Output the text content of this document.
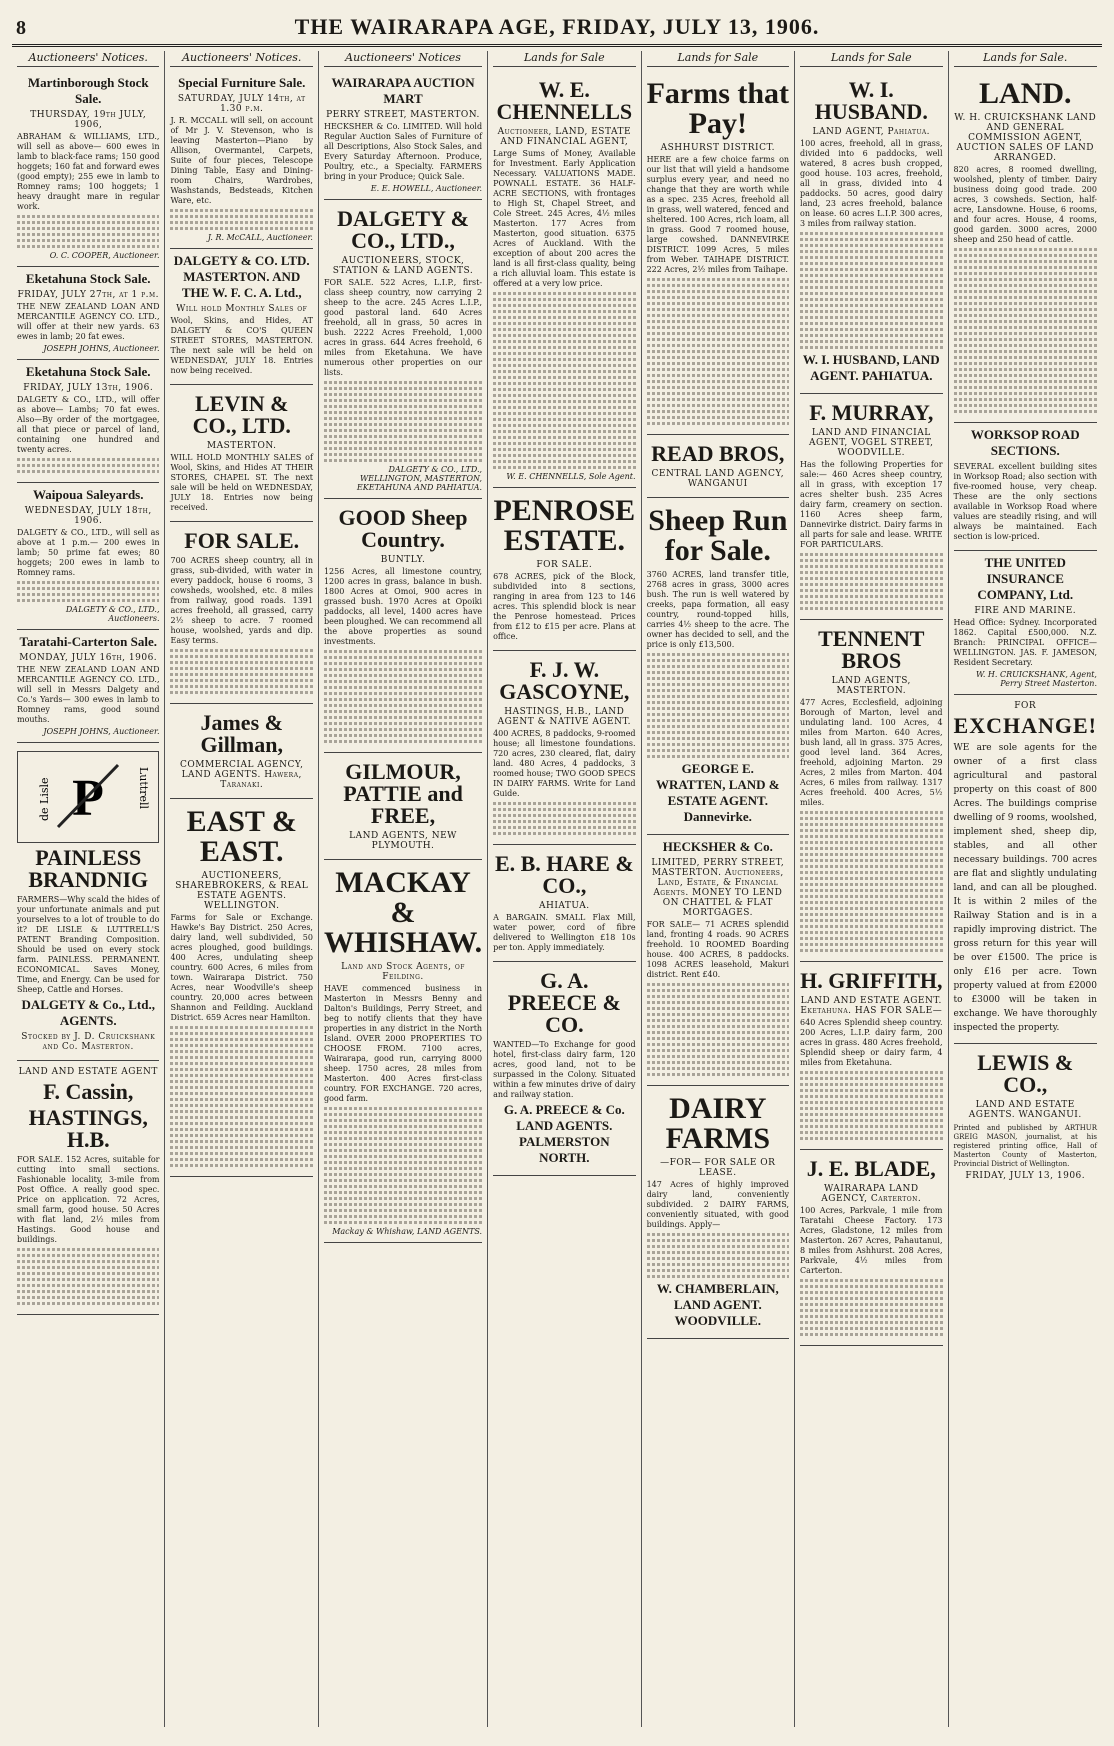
8	THE WAIRARAPA AGE, FRIDAY, JULY 13, 1906.
Auctioneers' Notices.
Martinborough Stock Sale.
THURSDAY, 19th JULY, 1906,

ABRAHAM & WILLIAMS, LTD., will sell as above— 600 ewes in lamb to black-face rams; 150 good hoggets; 160 fat and forward ewes (good empty); 255 ewe in lamb to Romney rams; 100 hoggets; 1 heavy draught mare in regular work.

O. C. COOPER, Auctioneer.
Eketahuna Stock Sale.
FRIDAY, JULY 27th, at 1 p.m.

THE NEW ZEALAND LOAN AND MERCANTILE AGENCY CO. LTD., will offer at their new yards. 63 ewes in lamb; 20 fat ewes.

JOSEPH JOHNS, Auctioneer.
Eketahuna Stock Sale.
FRIDAY, JULY 13th, 1906.

DALGETY & CO., LTD., will offer as above— Lambs; 70 fat ewes. Also—By order of the mortgagee, all that piece or parcel of land, containing one hundred and twenty acres.

Waipoua Saleyards.
WEDNESDAY, JULY 18th, 1906.

DALGETY & CO., LTD., will sell as above at 1 p.m.— 200 ewes in lamb; 50 prime fat ewes; 80 hoggets; 200 ewes in lamb to Romney rams.

DALGETY & CO., LTD., Auctioneers.
Taratahi-Carterton Sale.
MONDAY, JULY 16th, 1906.

THE NEW ZEALAND LOAN AND MERCANTILE AGENCY CO. LTD., will sell in Messrs Dalgety and Co.'s Yards— 300 ewes in lamb to Romney rams, good sound mouths.

JOSEPH JOHNS, Auctioneer.
de Lisle P	Luttrell
PAINLESS BRANDNIG

FARMERS—Why scald the hides of your unfortunate animals and put yourselves to a lot of trouble to do it? DE LISLE & LUTTRELL'S PATENT Branding Composition. Should be used on every stock farm. PAINLESS. PERMANENT. ECONOMICAL. Saves Money, Time, and Energy. Can be used for Sheep, Cattle and Horses.

DALGETY & Co., Ltd., AGENTS.
Stocked by J. D. Cruickshank and Co. Masterton.
LAND AND ESTATE AGENT
F. Cassin,
HASTINGS, H.B.

FOR SALE. 152 Acres, suitable for cutting into small sections. Fashionable locality, 3-mile from Post Office. A really good spec. Price on application. 72 Acres, small farm, good house. 50 Acres with flat land, 2½ miles from Hastings. Good house and buildings.

Auctioneers' Notices.
Special Furniture Sale.
SATURDAY, JULY 14th, at 1.30 p.m.

J. R. MCCALL will sell, on account of Mr J. V. Stevenson, who is leaving Masterton—Piano by Allison, Overmantel, Carpets, Suite of four pieces, Telescope Dining Table, Easy and Dining-room Chairs, Wardrobes, Washstands, Bedsteads, Kitchen Ware, etc.

J. R. McCALL, Auctioneer.
DALGETY & CO. LTD. MASTERTON. AND THE W. F. C. A. Ltd.,
Will hold Monthly Sales of

Wool, Skins, and Hides, AT DALGETY & CO'S QUEEN STREET STORES, MASTERTON. The next sale will be held on WEDNESDAY, JULY 18. Entries now being received.

LEVIN & CO., LTD.
MASTERTON.

WILL HOLD MONTHLY SALES of Wool, Skins, and Hides AT THEIR STORES, CHAPEL ST. The next sale will be held on WEDNESDAY, JULY 18. Entries now being received.

FOR SALE.

700 ACRES sheep country, all in grass, sub-divided, with water in every paddock, house 6 rooms, 3 cowsheds, woolshed, etc. 8 miles from railway, good roads. 1391 acres freehold, all grassed, carry 2½ sheep to acre. 7 roomed house, woolshed, yards and dip. Easy terms.

James & Gillman,
COMMERCIAL AGENCY, LAND AGENTS. Hawera, Taranaki.
EAST & EAST.
AUCTIONEERS, SHAREBROKERS, & REAL ESTATE AGENTS. WELLINGTON.

Farms for Sale or Exchange. Hawke's Bay District. 250 Acres, dairy land, well subdivided, 50 acres ploughed, good buildings. 400 Acres, undulating sheep country. 600 Acres, 6 miles from town. Wairarapa District. 750 Acres, near Woodville's sheep country. 20,000 acres between Shannon and Feilding. Auckland District. 659 Acres near Hamilton.

Auctioneers' Notices
WAIRARAPA AUCTION MART
PERRY STREET, MASTERTON.

HECKSHER & Co. LIMITED. Will hold Regular Auction Sales of Furniture of all Descriptions, Also Stock Sales, and Every Saturday Afternoon. Produce, Poultry, etc., a Specialty. FARMERS bring in your Produce; Quick Sale.

E. E. HOWELL, Auctioneer.
DALGETY & CO., LTD.,
AUCTIONEERS, STOCK, STATION & LAND AGENTS.

FOR SALE. 522 Acres, L.I.P., first-class sheep country, now carrying 2 sheep to the acre. 245 Acres L.I.P., good pastoral land. 640 Acres freehold, all in grass, 50 acres in bush. 2222 Acres Freehold, 1,000 acres in grass. 644 Acres freehold, 6 miles from Eketahuna. We have numerous other properties on our lists.

DALGETY & CO., LTD., WELLINGTON, MASTERTON, EKETAHUNA AND PAHIATUA.
GOOD Sheep Country.
BUNTLY.

1256 Acres, all limestone country, 1200 acres in grass, balance in bush. 1800 Acres at Omoi, 900 acres in grassed bush. 1970 Acres at Opoiki paddocks, all level, 1400 acres have been ploughed. We can recommend all the above properties as sound investments.

GILMOUR, PATTIE and FREE,
LAND AGENTS, NEW PLYMOUTH.
MACKAY & WHISHAW.
Land and Stock Agents, of Feilding.

HAVE commenced business in Masterton in Messrs Benny and Dalton's Buildings, Perry Street, and beg to notify clients that they have properties in any district in the North Island. OVER 2000 PROPERTIES TO CHOOSE FROM. 7100 acres, Wairarapa, good run, carrying 8000 sheep. 1750 acres, 28 miles from Masterton. 400 Acres first-class country. FOR EXCHANGE. 720 acres, good farm.

Mackay & Whishaw, LAND AGENTS.
Lands for Sale
W. E. CHENNELLS
Auctioneer, LAND, ESTATE AND FINANCIAL AGENT,

Large Sums of Money, Available for Investment. Early Application Necessary. VALUATIONS MADE. POWNALL ESTATE. 36 HALF-ACRE SECTIONS, with frontages to High St, Chapel Street, and Cole Street. 245 Acres, 4½ miles Masterton. 177 Acres from Masterton, good situation. 6375 Acres of Auckland. With the exception of about 200 acres the land is all first-class quality, being a rich alluvial loam. This estate is offered at a very low price.

W. E. CHENNELLS, Sole Agent.
PENROSE ESTATE.
FOR SALE.

678 ACRES, pick of the Block, subdivided into 8 sections, ranging in area from 123 to 146 acres. This splendid block is near the Penrose homestead. Prices from £12 to £15 per acre. Plans at office.

F. J. W. GASCOYNE,
HASTINGS, H.B., LAND AGENT & NATIVE AGENT.

400 ACRES, 8 paddocks, 9-roomed house; all limestone foundations. 720 acres, 230 cleared, flat, dairy land. 480 Acres, 4 paddocks, 3 roomed house; TWO GOOD SPECS IN DAIRY FARMS. Write for Land Guide.

E. B. HARE & CO.,
AHIATUA.

A BARGAIN. SMALL Flax Mill, water power, cord of fibre delivered to Wellington £18 10s per ton. Apply immediately.

G. A. PREECE & CO.

WANTED—To Exchange for good hotel, first-class dairy farm, 120 acres, good land, not to be surpassed in the Colony. Situated within a few minutes drive of dairy and railway station.

G. A. PREECE & Co. LAND AGENTS. PALMERSTON NORTH.
Lands for Sale
Farms that Pay!
ASHHURST DISTRICT.

HERE are a few choice farms on our list that will yield a handsome surplus every year, and need no change that they are worth while as a spec. 235 Acres, freehold all in grass, well watered, fenced and sheltered. 100 Acres, rich loam, all in grass. Good 7 roomed house, large cowshed. DANNEVIRKE DISTRICT. 1099 Acres, 5 miles from Weber. TAIHAPE DISTRICT. 222 Acres, 2½ miles from Taihape.

READ BROS,
CENTRAL LAND AGENCY, WANGANUI
Sheep Run for Sale.

3760 ACRES, land transfer title, 2768 acres in grass, 3000 acres bush. The run is well watered by creeks, papa formation, all easy country, round-topped hills, carries 4½ sheep to the acre. The owner has decided to sell, and the price is only £13,500.

GEORGE E. WRATTEN, LAND & ESTATE AGENT. Dannevirke.
HECKSHER & Co.
LIMITED, PERRY STREET, MASTERTON. Auctioneers, Land, Estate, & Financial Agents. MONEY TO LEND ON CHATTEL & FLAT MORTGAGES.

FOR SALE— 71 ACRES splendid land, fronting 4 roads. 90 ACRES freehold. 10 ROOMED Boarding house. 400 ACRES, 8 paddocks. 1098 ACRES leasehold, Makuri district. Rent £40.

DAIRY FARMS
—FOR— FOR SALE OR LEASE.

147 Acres of highly improved dairy land, conveniently subdivided. 2 DAIRY FARMS, conveniently situated, with good buildings. Apply—

W. CHAMBERLAIN, LAND AGENT. WOODVILLE.
Lands for Sale
W. I. HUSBAND.
LAND AGENT, Pahiatua.

100 acres, freehold, all in grass, divided into 6 paddocks, well watered, 8 acres bush cropped, good house. 103 acres, freehold, all in grass, divided into 4 paddocks. 50 acres, good dairy land, 23 acres freehold, balance on lease. 60 acres L.I.P. 300 acres, 3 miles from railway station.

W. I. HUSBAND, LAND AGENT. PAHIATUA.
F. MURRAY,
LAND AND FINANCIAL AGENT, VOGEL STREET, WOODVILLE.

Has the following Properties for sale:— 460 Acres sheep country, all in grass, with exception 17 acres shelter bush. 235 Acres dairy farm, creamery on section. 1160 Acres sheep farm, Dannevirke district. Dairy farms in all parts for sale and lease. WRITE FOR PARTICULARS.

TENNENT BROS
LAND AGENTS, MASTERTON.

477 Acres, Ecclesfield, adjoining Borough of Marton, level and undulating land. 100 Acres, 4 miles from Marton. 640 Acres, bush land, all in grass. 375 Acres, good level land. 364 Acres, freehold, adjoining Marton. 29 Acres, 2 miles from Marton. 404 Acres, 6 miles from railway. 1317 Acres freehold. 400 Acres, 5½ miles.

H. GRIFFITH,
LAND AND ESTATE AGENT. Eketahuna. HAS FOR SALE—

640 Acres Splendid sheep country. 200 Acres, L.I.P. dairy farm, 200 acres in grass. 480 Acres freehold, Splendid sheep or dairy farm, 4 miles from Eketahuna.

J. E. BLADE,
WAIRARAPA LAND AGENCY, Carterton.

100 Acres, Parkvale, 1 mile from Taratahi Cheese Factory. 173 Acres, Gladstone, 12 miles from Masterton. 267 Acres, Pahautanui, 8 miles from Ashhurst. 208 Acres, Parkvale, 4½ miles from Carterton.

Lands for Sale.
LAND.
W. H. CRUICKSHANK LAND AND GENERAL COMMISSION AGENT, AUCTION SALES OF LAND ARRANGED.

820 acres, 8 roomed dwelling, woolshed, plenty of timber. Dairy business doing good trade. 200 acres, 3 cowsheds. Section, half-acre, Lansdowne. House, 6 rooms, and four acres. House, 4 rooms, good garden. 3000 acres, 2000 sheep and 250 head of cattle.

WORKSOP ROAD SECTIONS.

SEVERAL excellent building sites in Worksop Road; also section with five-roomed house, very cheap. These are the only sections available in Worksop Road where values are steadily rising, and will always be maintained. Each section is low-priced.

THE UNITED INSURANCE COMPANY, Ltd.
FIRE AND MARINE.

Head Office: Sydney. Incorporated 1862. Capital £500,000. N.Z. Branch: PRINCIPAL OFFICE—WELLINGTON. JAS. F. JAMESON, Resident Secretary.

W. H. CRUICKSHANK, Agent, Perry Street Masterton.
FOR
EXCHANGE!

WE are sole agents for the owner of a first class agricultural and pastoral property on this coast of 800 Acres. The buildings comprise dwelling of 9 rooms, woolshed, implement shed, sheep dip, stables, and all other necessary buildings. 700 acres are flat and slightly undulating land, and can all be ploughed. It is within 2 miles of the Railway Station and is in a rapidly improving district. The gross return for this year will be over £1500. The price is only £16 per acre. Town property valued at from £2000 to £3000 will be taken in exchange. We have thoroughly inspected the property.

LEWIS & CO.,
LAND AND ESTATE AGENTS. WANGANUI.
Printed and published by ARTHUR GREIG MASON, journalist, at his registered printing office, Hall of Masterton County of Masterton, Provincial District of Wellington.
FRIDAY, JULY 13, 1906.
